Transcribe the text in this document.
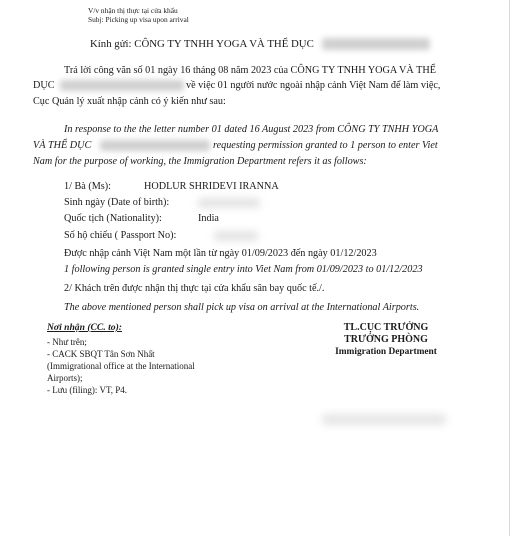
V/v nhận thị thực tại cửa khẩu
Subj: Picking up visa upon arrival
Kính gửi: CÔNG TY TNHH YOGA VÀ THỂ DỤC
Trả lời công văn số 01 ngày 16 tháng 08 năm 2023 của CÔNG TY TNHH YOGA VÀ THỂ
DỤC	về việc 01 người nước ngoài nhập cảnh Việt Nam để làm việc,
Cục Quản lý xuất nhập cảnh có ý kiến như sau:
In response to the the letter number 01 dated 16 August 2023 from CÔNG TY TNHH YOGA
VÀ THỂ DỤC	requesting permission granted to 1 person to enter Viet
Nam for the purpose of working, the Immigration Department refers it as follows:
1/ Bà (Ms):	HODLUR SHRIDEVI IRANNA
Sinh ngày (Date of birth):
Quốc tịch (Nationality):	India
Số hộ chiếu ( Passport No):
Được nhập cảnh Việt Nam một lần từ ngày 01/09/2023 đến ngày 01/12/2023
1 following person is granted single entry into Viet Nam from 01/09/2023 to 01/12/2023
2/ Khách trên được nhận thị thực tại cửa khẩu sân bay quốc tế./.
The above mentioned person shall pick up visa on arrival at the International Airports.
Nơi nhận (CC. to):
- Như trên;
- CACK SBQT Tân Sơn Nhất
(Immigrational office at the International
Airports);
- Lưu (filing): VT, P4.
TL.CỤC TRƯỞNG
TRƯỞNG PHÒNG
Immigration Department
